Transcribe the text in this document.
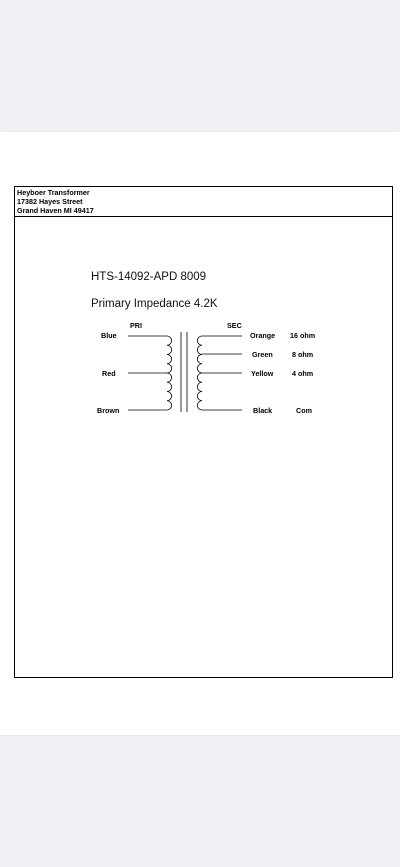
Heyboer Transformer
17382 Hayes Street
Grand Haven MI 49417
HTS-14092-APD 8009
Primary Impedance 4.2K
PRI	SEC
Blue
Red
Brown
Orange
Green
Yellow
Black
16 ohm
8 ohm
4 ohm
Com
